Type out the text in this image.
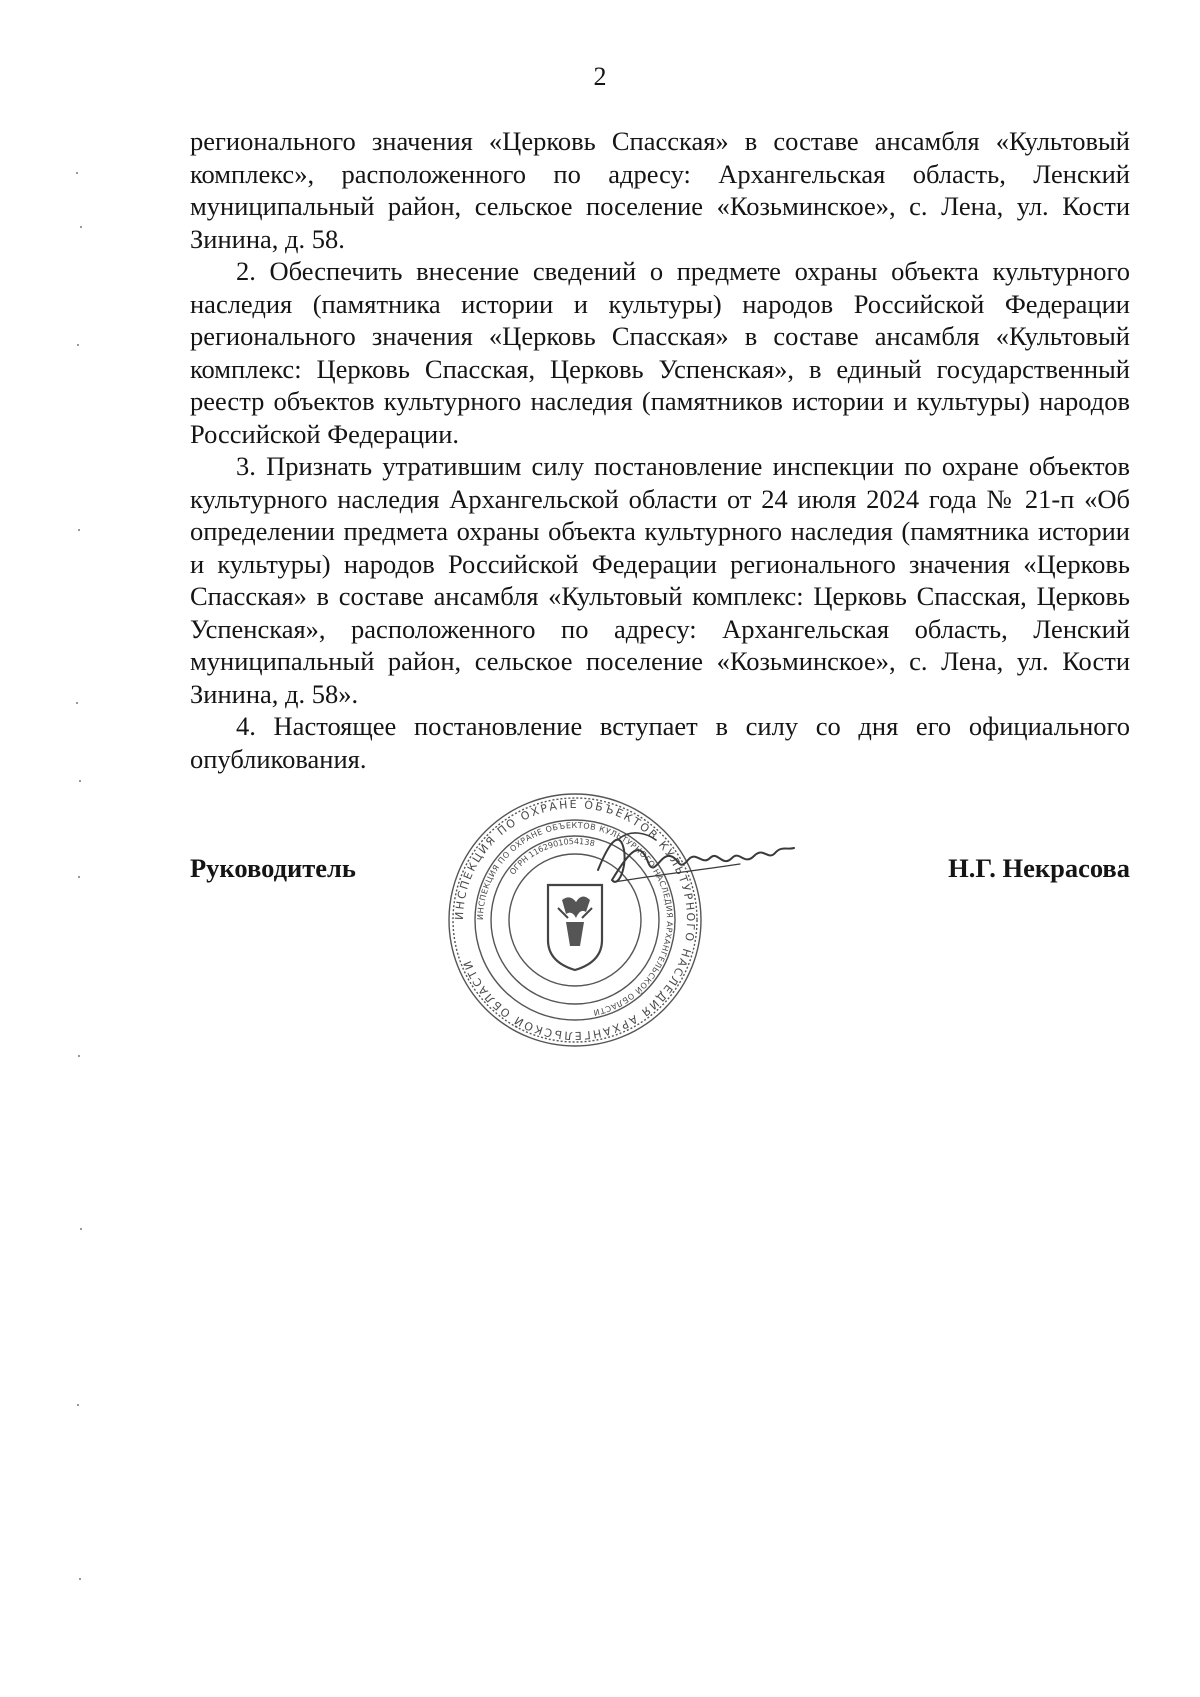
2

регионального значения «Церковь Спасская» в составе ансамбля «Культовый комплекс», расположенного по адресу: Архангельская область, Ленский муниципальный район, сельское поселение «Козьминское», с. Лена, ул. Кости Зинина, д. 58.

2. Обеспечить внесение сведений о предмете охраны объекта культурного наследия (памятника истории и культуры) народов Российской Федерации регионального значения «Церковь Спасская» в составе ансамбля «Культовый комплекс: Церковь Спасская, Церковь Успенская», в единый государственный реестр объектов культурного наследия (памятников истории и культуры) народов Российской Федерации.

3. Признать утратившим силу постановление инспекции по охране объектов культурного наследия Архангельской области от 24 июля 2024 года № 21-п «Об определении предмета охраны объекта культурного наследия (памятника истории и культуры) народов Российской Федерации регионального значения «Церковь Спасская» в составе ансамбля «Культовый комплекс: Церковь Спасская, Церковь Успенская», расположенного по адресу: Архангельская область, Ленский муниципальный район, сельское поселение «Козьминское», с. Лена, ул. Кости Зинина, д. 58».

4. Настоящее постановление вступает в силу со дня его официального опубликования.

Руководитель	Н.Г. Некрасова
ИНСПЕКЦИЯ ПО ОХРАНЕ ОБЪЕКТОВ КУЛЬТУРНОГО НАСЛЕДИЯ АРХАНГЕЛЬСКОЙ ОБЛАСТИ
ИНСПЕКЦИЯ ПО ОХРАНЕ ОБЪЕКТОВ КУЛЬТУРНОГО НАСЛЕДИЯ АРХАНГЕЛЬСКОЙ ОБЛАСТИ
ОГРН 1162901054138
